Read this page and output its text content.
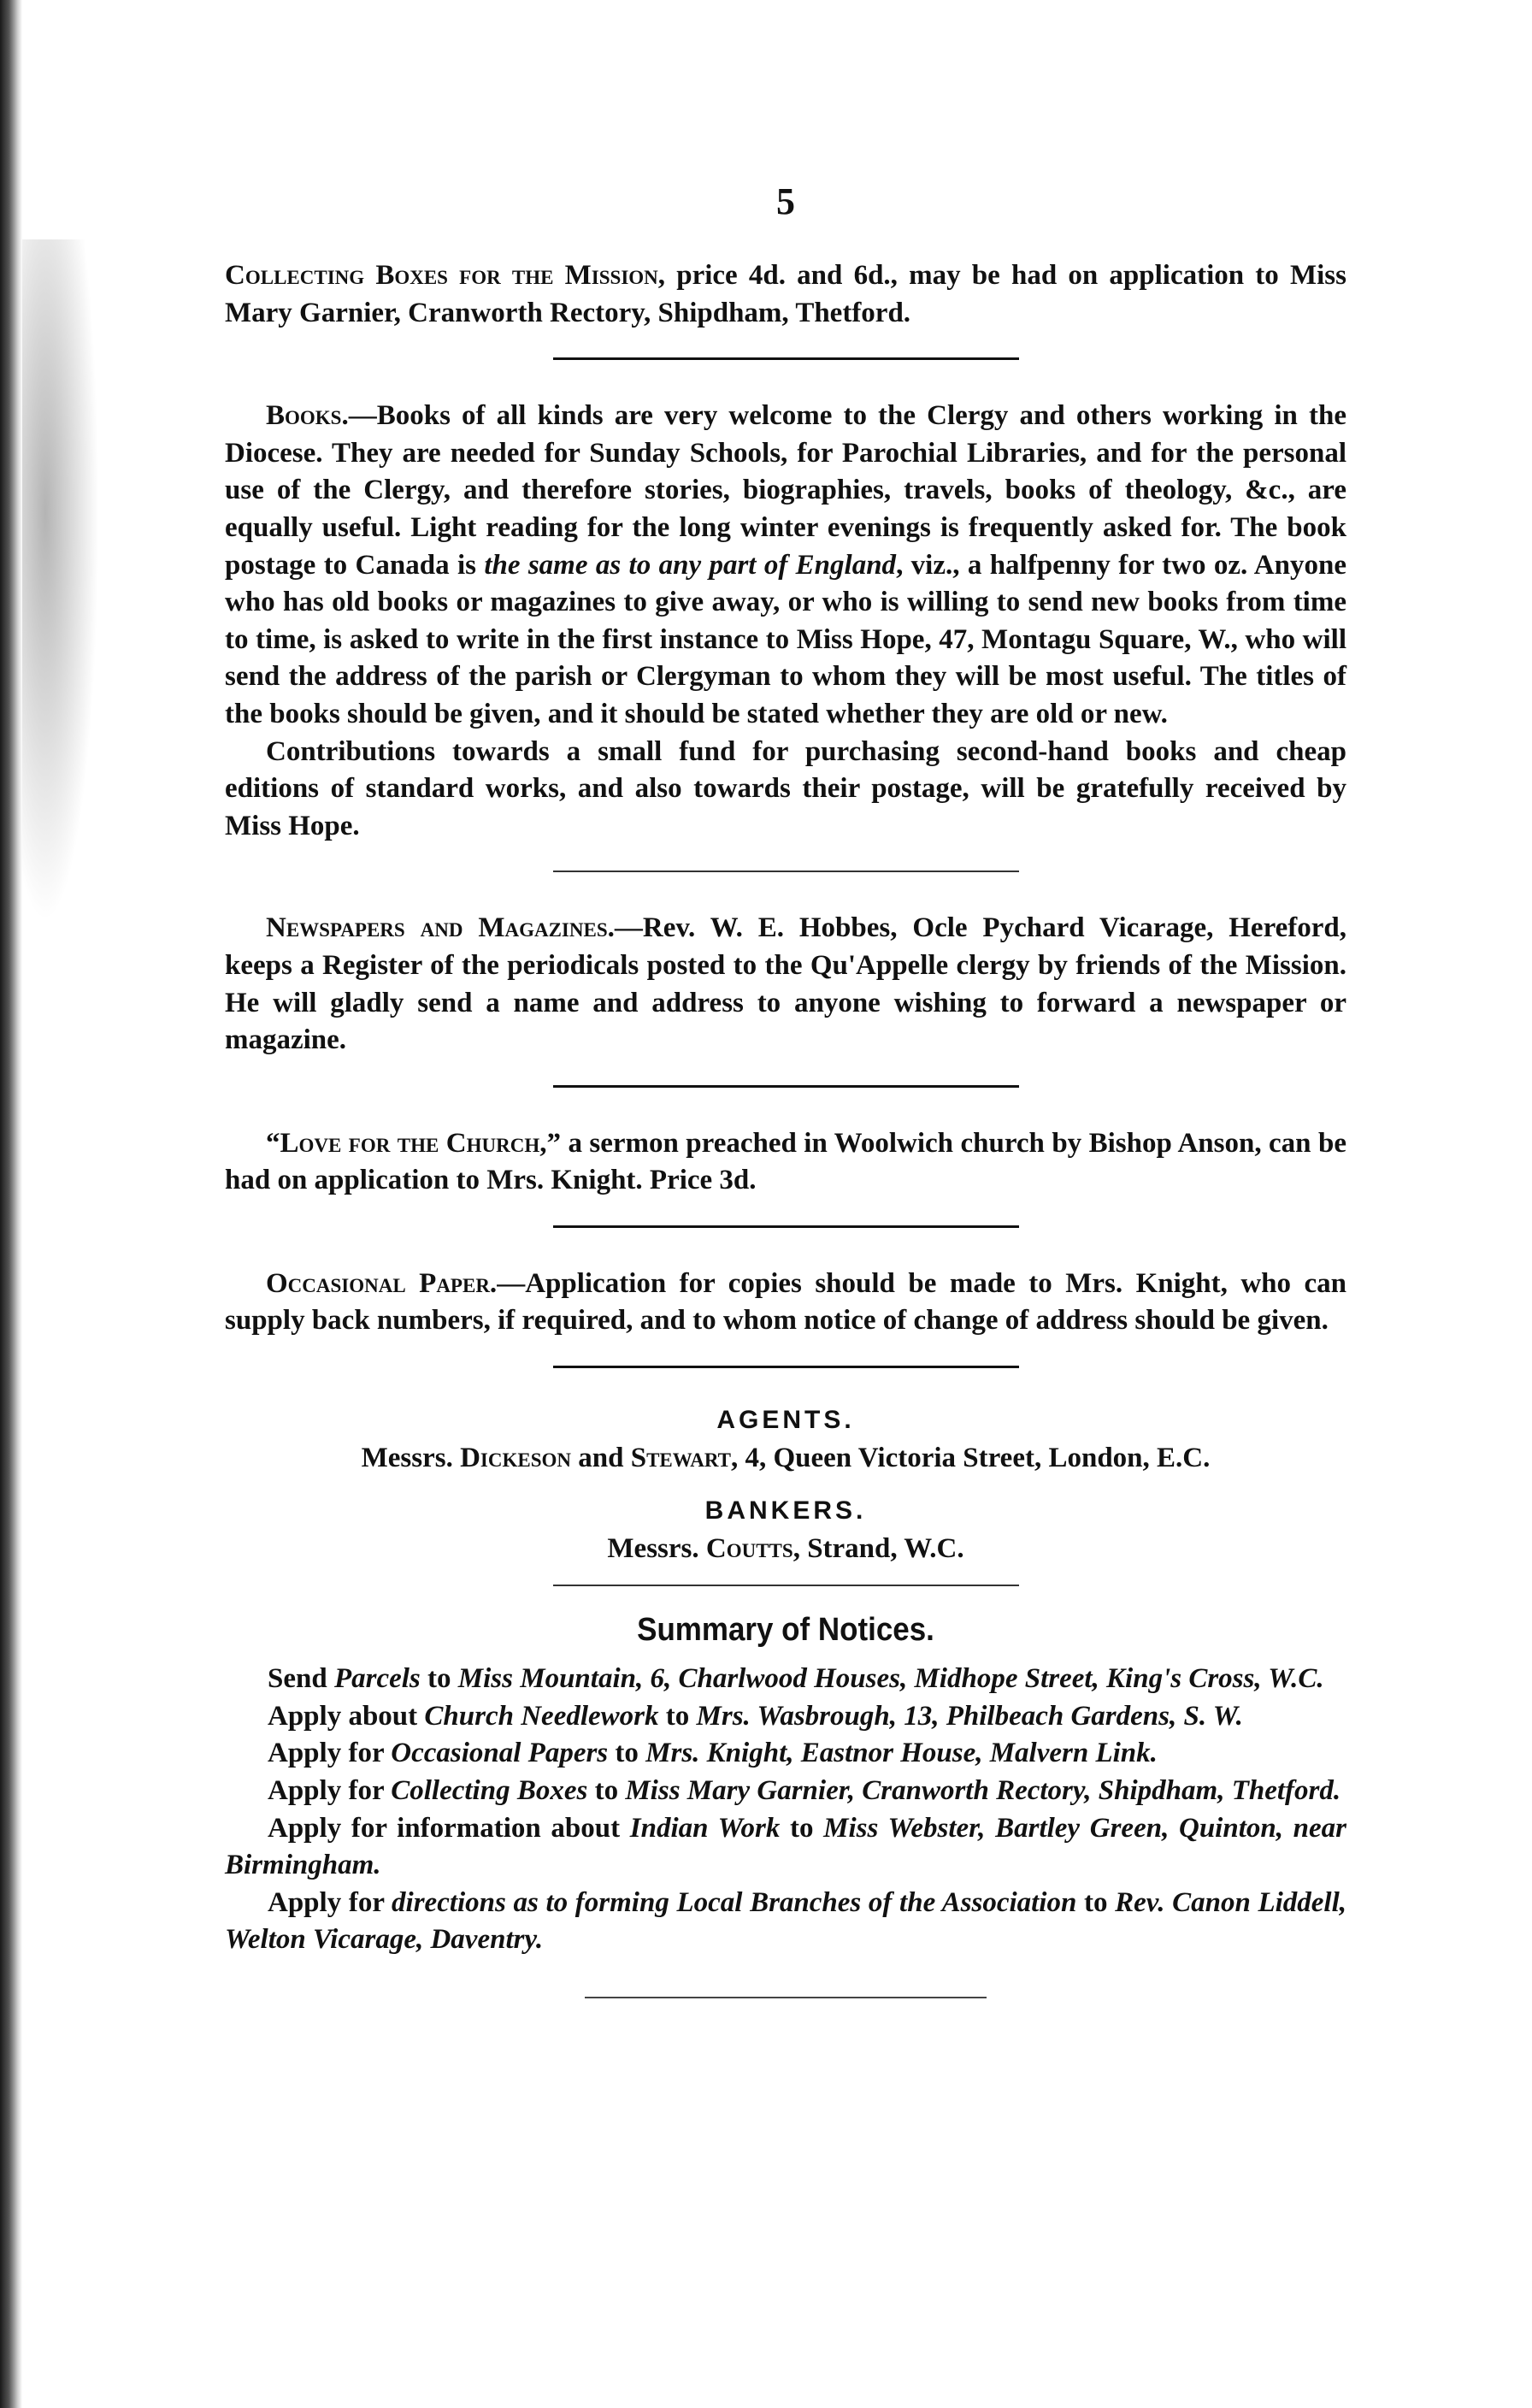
5

Collecting Boxes for the Mission, price 4d. and 6d., may be had on application to Miss Mary Garnier, Cranworth Rectory, Shipdham, Thetford.

Books.—Books of all kinds are very welcome to the Clergy and others working in the Diocese. They are needed for Sunday Schools, for Parochial Libraries, and for the personal use of the Clergy, and therefore stories, biographies, travels, books of theology, &c., are equally useful. Light reading for the long winter evenings is frequently asked for. The book postage to Canada is the same as to any part of England, viz., a halfpenny for two oz. Anyone who has old books or magazines to give away, or who is willing to send new books from time to time, is asked to write in the first instance to Miss Hope, 47, Montagu Square, W., who will send the address of the parish or Clergyman to whom they will be most useful. The titles of the books should be given, and it should be stated whether they are old or new.

Contributions towards a small fund for purchasing second-hand books and cheap editions of standard works, and also towards their postage, will be gratefully received by Miss Hope.

Newspapers and Magazines.—Rev. W. E. Hobbes, Ocle Pychard Vicarage, Hereford, keeps a Register of the periodicals posted to the Qu'Appelle clergy by friends of the Mission. He will gladly send a name and address to anyone wishing to forward a newspaper or magazine.

“Love for the Church,” a sermon preached in Woolwich church by Bishop Anson, can be had on application to Mrs. Knight. Price 3d.

Occasional Paper.—Application for copies should be made to Mrs. Knight, who can supply back numbers, if required, and to whom notice of change of address should be given.

AGENTS.

Messrs. Dickeson and Stewart, 4, Queen Victoria Street, London, E.C.

BANKERS.

Messrs. Coutts, Strand, W.C.

Summary of Notices.

Send Parcels to Miss Mountain, 6, Charlwood Houses, Midhope Street, King's Cross, W.C.

Apply about Church Needlework to Mrs. Wasbrough, 13, Philbeach Gardens, S. W.

Apply for Occasional Papers to Mrs. Knight, Eastnor House, Malvern Link.

Apply for Collecting Boxes to Miss Mary Garnier, Cranworth Rectory, Shipdham, Thetford.

Apply for information about Indian Work to Miss Webster, Bartley Green, Quinton, near Birmingham.

Apply for directions as to forming Local Branches of the Association to Rev. Canon Liddell, Welton Vicarage, Daventry.
